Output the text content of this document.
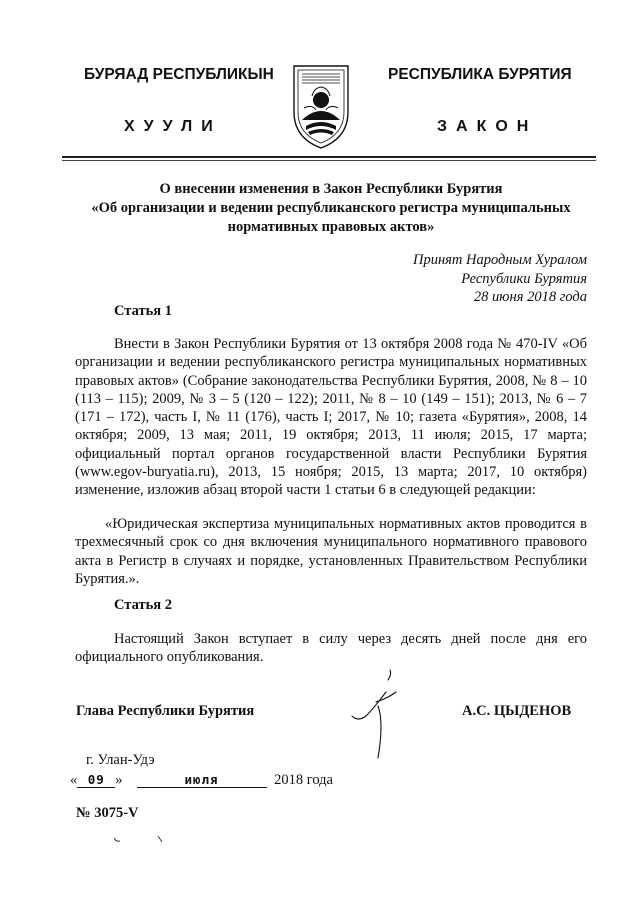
БУРЯАД РЕСПУБЛИКЫН	РЕСПУБЛИКА БУРЯТИЯ
ХУУЛИ	ЗАКОН
О внесении изменения в Закон Республики Бурятия
«Об организации и ведении республиканского регистра муниципальных
нормативных правовых актов»
Принят Народным Хуралом
Республики Бурятия
28 июня 2018 года
Статья 1
Внести в Закон Республики Бурятия от 13 октября 2008 года № 470-IV «Об организации и ведении республиканского регистра муниципальных нормативных правовых актов» (Собрание законодательства Республики Бурятия, 2008, № 8 – 10 (113 – 115); 2009, № 3 – 5 (120 – 122); 2011, № 8 – 10 (149 – 151); 2013, № 6 – 7 (171 – 172), часть I, № 11 (176), часть I; 2017, № 10; газета «Бурятия», 2008, 14 октября; 2009, 13 мая; 2011, 19 октября; 2013, 11 июля; 2015, 17 марта; официальный портал органов государственной власти Республики Бурятия (www.egov-buryatia.ru), 2013, 15 ноября; 2015, 13 марта; 2017, 10 октября) изменение, изложив абзац второй части 1 статьи 6 в следующей редакции:
«Юридическая экспертиза муниципальных нормативных актов проводится в трехмесячный срок со дня включения муниципального нормативного правового акта в Регистр в случаях и порядке, установленных Правительством Республики Бурятия.».
Статья 2
Настоящий Закон вступает в силу через десять дней после дня его официального опубликования.
Глава Республики Бурятия	А.С. ЦЫДЕНОВ
г. Улан-Удэ
« 09 »	июля	2018 года
№ 3075-V
